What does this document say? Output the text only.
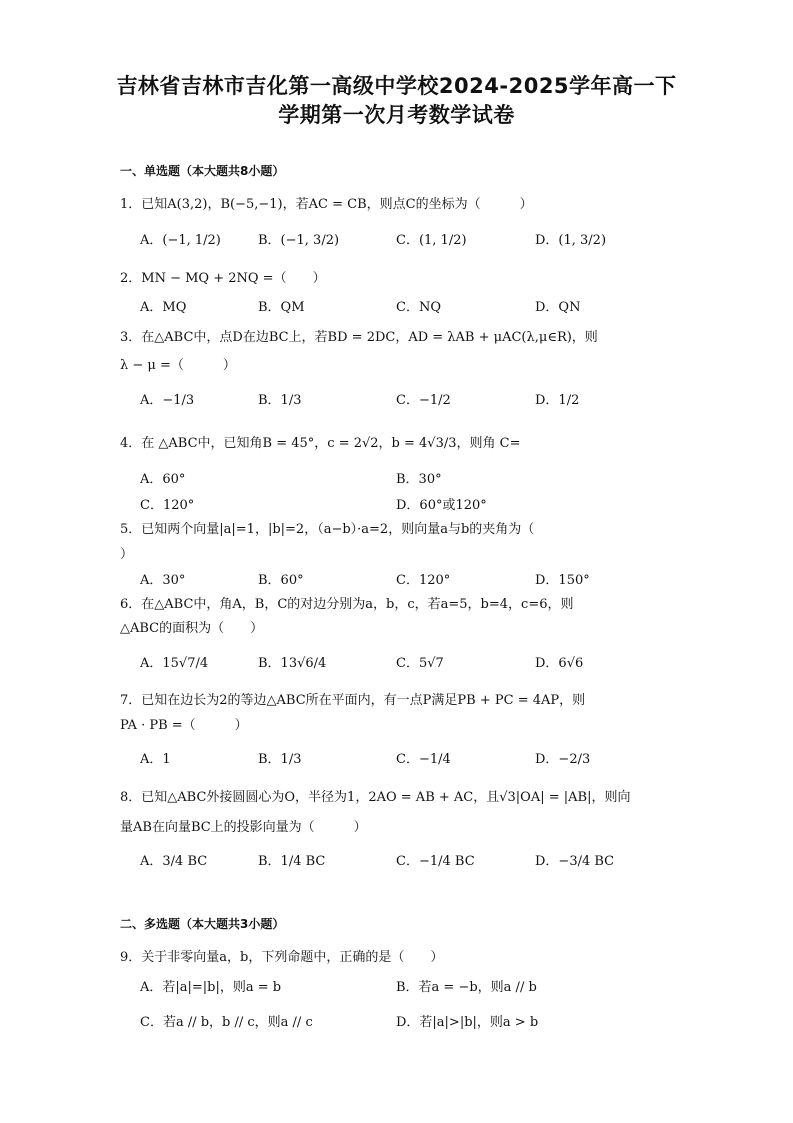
吉林省吉林市吉化第一高级中学校2024-2025学年高一下
学期第一次月考数学试卷
一、单选题（本大题共8小题）
1．已知A(3,2)，B(−5,−1)，若AC = CB，则点C的坐标为（　　　）
A．(−1, 1/2)	B．(−1, 3/2)	C．(1, 1/2)	D．(1, 3/2)
2．MN − MQ + 2NQ =（　　）
A．MQ	B．QM	C．NQ	D．QN
3．在△ABC中，点D在边BC上，若BD = 2DC，AD = λAB + μAC(λ,μ∈R)，则
λ − μ =（　　　）
A．−1/3	B．1/3	C．−1/2	D．1/2
4．在 △ABC中，已知角B = 45°，c = 2√2，b = 4√3/3，则角 C=
A．60°	B．30°
C．120°	D．60°或120°
5．已知两个向量|a|=1，|b|=2，（a−b）·a=2，则向量a与b的夹角为（
）
A．30°	B．60°	C．120°	D．150°
6．在△ABC中，角A，B，C的对边分别为a，b，c，若a=5，b=4，c=6，则
△ABC的面积为（　　）
A．15√7/4	B．13√6/4	C．5√7	D．6√6
7．已知在边长为2的等边△ABC所在平面内，有一点P满足PB + PC = 4AP，则
PA · PB =（　　　）
A．1	B．1/3	C．−1/4	D．−2/3
8．已知△ABC外接圆圆心为O，半径为1，2AO = AB + AC，且√3|OA| = |AB|，则向
量AB在向量BC上的投影向量为（　　　）
A．3/4 BC	B．1/4 BC	C．−1/4 BC	D．−3/4 BC
二、多选题（本大题共3小题）
9．关于非零向量a，b，下列命题中，正确的是（　　）
A．若|a|=|b|，则a = b	B．若a = −b，则a // b
C．若a // b，b // c，则a // c	D．若|a|>|b|，则a > b
